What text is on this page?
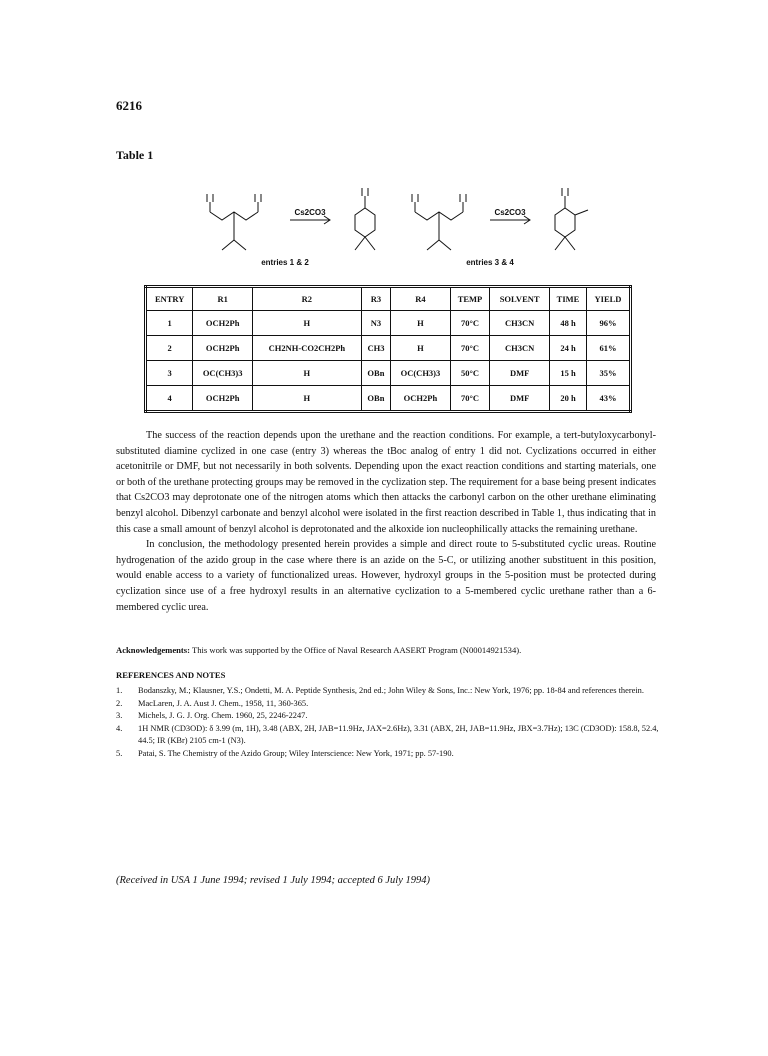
6216
Table 1
Cs2CO3	Cs2CO3
entries 1 & 2	entries 3 & 4
ENTRY	R1	R2	R3	R4	TEMP	SOLVENT	TIME	YIELD
1	OCH2Ph	H	N3	H	70°C	CH3CN	48 h	96%
2	OCH2Ph	CH2NH-CO2CH2Ph	CH3	H	70°C	CH3CN	24 h	61%
3	OC(CH3)3	H	OBn	OC(CH3)3	50°C	DMF	15 h	35%
4	OCH2Ph	H	OBn	OCH2Ph	70°C	DMF	20 h	43%

The success of the reaction depends upon the urethane and the reaction conditions. For example, a tert-butyloxycarbonyl-substituted diamine cyclized in one case (entry 3) whereas the tBoc analog of entry 1 did not. Cyclizations occurred in either acetonitrile or DMF, but not necessarily in both solvents. Depending upon the exact reaction conditions and starting materials, one or both of the urethane protecting groups may be removed in the cyclization step. The requirement for a base being present indicates that Cs2CO3 may deprotonate one of the nitrogen atoms which then attacks the carbonyl carbon on the other urethane eliminating benzyl alcohol. Dibenzyl carbonate and benzyl alcohol were isolated in the first reaction described in Table 1, thus indicating that in this case a small amount of benzyl alcohol is deprotonated and the alkoxide ion nucleophilically attacks the remaining urethane.

In conclusion, the methodology presented herein provides a simple and direct route to 5-substituted cyclic ureas. Routine hydrogenation of the azido group in the case where there is an azide on the 5-C, or utilizing another substituent in this position, would enable access to a variety of functionalized ureas. However, hydroxyl groups in the 5-position must be protected during cyclization since use of a free hydroxyl results in an alternative cyclization to a 5-membered cyclic urethane rather than a 6-membered cyclic urea.

Acknowledgements: This work was supported by the Office of Naval Research AASERT Program (N00014921534).
REFERENCES AND NOTES
1.	Bodanszky, M.; Klausner, Y.S.; Ondetti, M. A. Peptide Synthesis, 2nd ed.; John Wiley & Sons, Inc.: New York, 1976; pp. 18-84 and references therein.
2.	MacLaren, J. A. Aust J. Chem., 1958, 11, 360-365.
3.	Michels, J. G. J. Org. Chem. 1960, 25, 2246-2247.
4.	1H NMR (CD3OD): δ 3.99 (m, 1H), 3.48 (ABX, 2H, JAB=11.9Hz, JAX=2.6Hz), 3.31 (ABX, 2H, JAB=11.9Hz, JBX=3.7Hz); 13C (CD3OD): 158.8, 52.4, 44.5; IR (KBr) 2105 cm-1 (N3).
5.	Patai, S. The Chemistry of the Azido Group; Wiley Interscience: New York, 1971; pp. 57-190.
(Received in USA 1 June 1994; revised 1 July 1994; accepted 6 July 1994)
